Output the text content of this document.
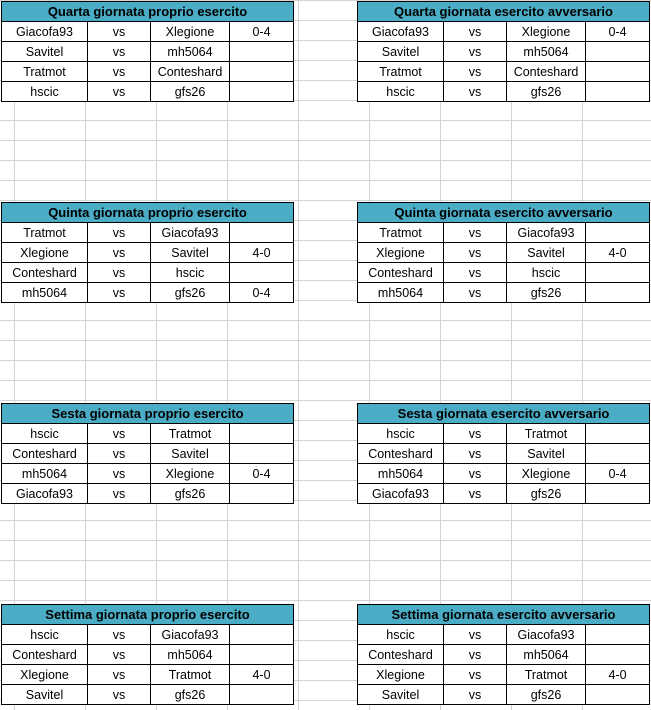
Quarta giornata proprio esercito			
Giacofa93	vs	Xlegione	0-4
Savitel	vs	mh5064	
Tratmot	vs	Conteshard	
hscic	vs	gfs26	
Quarta giornata esercito avversario			
Giacofa93	vs	Xlegione	0-4
Savitel	vs	mh5064	
Tratmot	vs	Conteshard	
hscic	vs	gfs26	
Quinta giornata proprio esercito			
Tratmot	vs	Giacofa93	
Xlegione	vs	Savitel	4-0
Conteshard	vs	hscic	
mh5064	vs	gfs26	0-4
Quinta giornata esercito avversario			
Tratmot	vs	Giacofa93	
Xlegione	vs	Savitel	4-0
Conteshard	vs	hscic	
mh5064	vs	gfs26	
Sesta giornata proprio esercito			
hscic	vs	Tratmot	
Conteshard	vs	Savitel	
mh5064	vs	Xlegione	0-4
Giacofa93	vs	gfs26	
Sesta giornata esercito avversario			
hscic	vs	Tratmot	
Conteshard	vs	Savitel	
mh5064	vs	Xlegione	0-4
Giacofa93	vs	gfs26	
Settima giornata proprio esercito			
hscic	vs	Giacofa93	
Conteshard	vs	mh5064	
Xlegione	vs	Tratmot	4-0
Savitel	vs	gfs26	
Settima giornata esercito avversario			
hscic	vs	Giacofa93	
Conteshard	vs	mh5064	
Xlegione	vs	Tratmot	4-0
Savitel	vs	gfs26	
